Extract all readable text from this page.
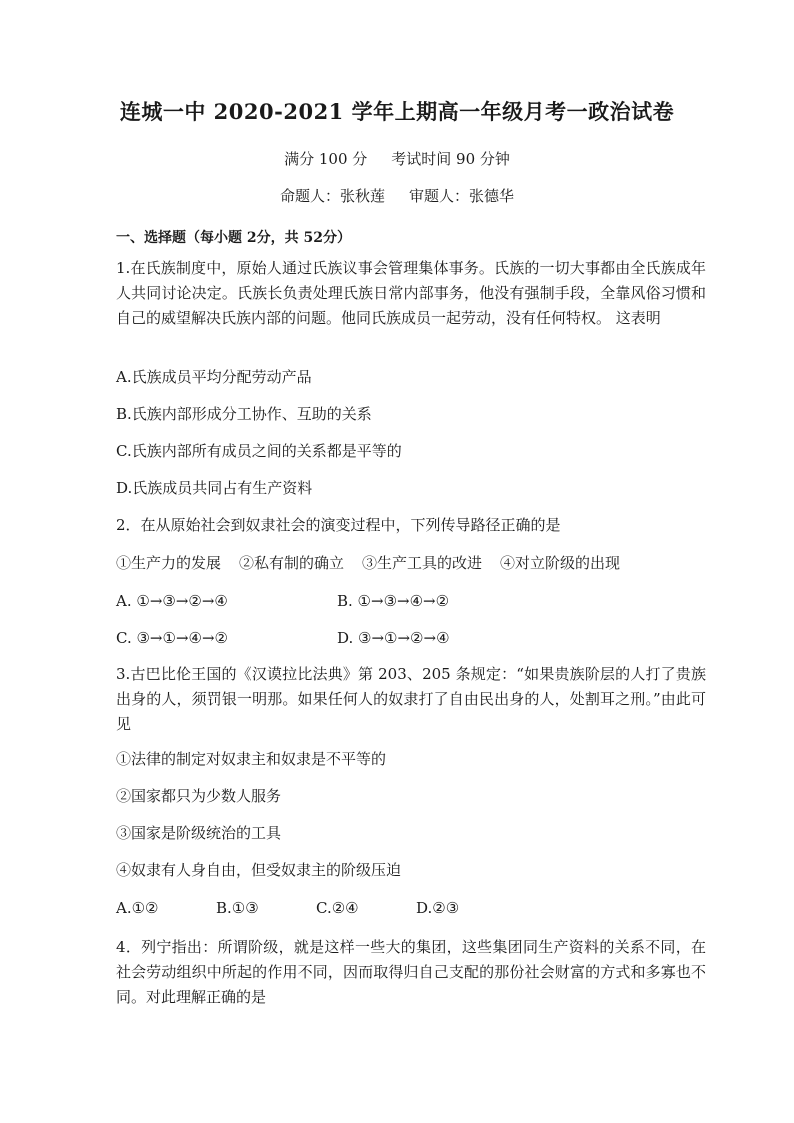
连城一中 2020-2021 学年上期高一年级月考一政治试卷
满分 100 分 考试时间 90 分钟
命题人：张秋莲 审题人：张德华
一、选择题（每小题 2分，共 52分）
1.在氏族制度中，原始人通过氏族议事会管理集体事务。氏族的一切大事都由全氏族成年人共同讨论决定。氏族长负责处理氏族日常内部事务，他没有强制手段，全靠风俗习惯和自己的威望解决氏族内部的问题。他同氏族成员一起劳动，没有任何特权。 这表明
A.氏族成员平均分配劳动产品
B.氏族内部形成分工协作、互助的关系
C.氏族内部所有成员之间的关系都是平等的
D.氏族成员共同占有生产资料
2．在从原始社会到奴隶社会的演变过程中，下列传导路径正确的是
①生产力的发展 ②私有制的确立 ③生产工具的改进 ④对立阶级的出现
A. ①→③→②→④	B. ①→③→④→②
C. ③→①→④→②	D. ③→①→②→④
3.古巴比伦王国的《汉谟拉比法典》第 203、205 条规定：“如果贵族阶层的人打了贵族出身的人，须罚银一明那。如果任何人的奴隶打了自由民出身的人，处割耳之刑。”由此可见
①法律的制定对奴隶主和奴隶是不平等的
②国家都只为少数人服务
③国家是阶级统治的工具
④奴隶有人身自由，但受奴隶主的阶级压迫
A.①②	B.①③	C.②④	D.②③
4．列宁指出：所谓阶级，就是这样一些大的集团，这些集团同生产资料的关系不同，在社会劳动组织中所起的作用不同，因而取得归自己支配的那份社会财富的方式和多寡也不同。对此理解正确的是
